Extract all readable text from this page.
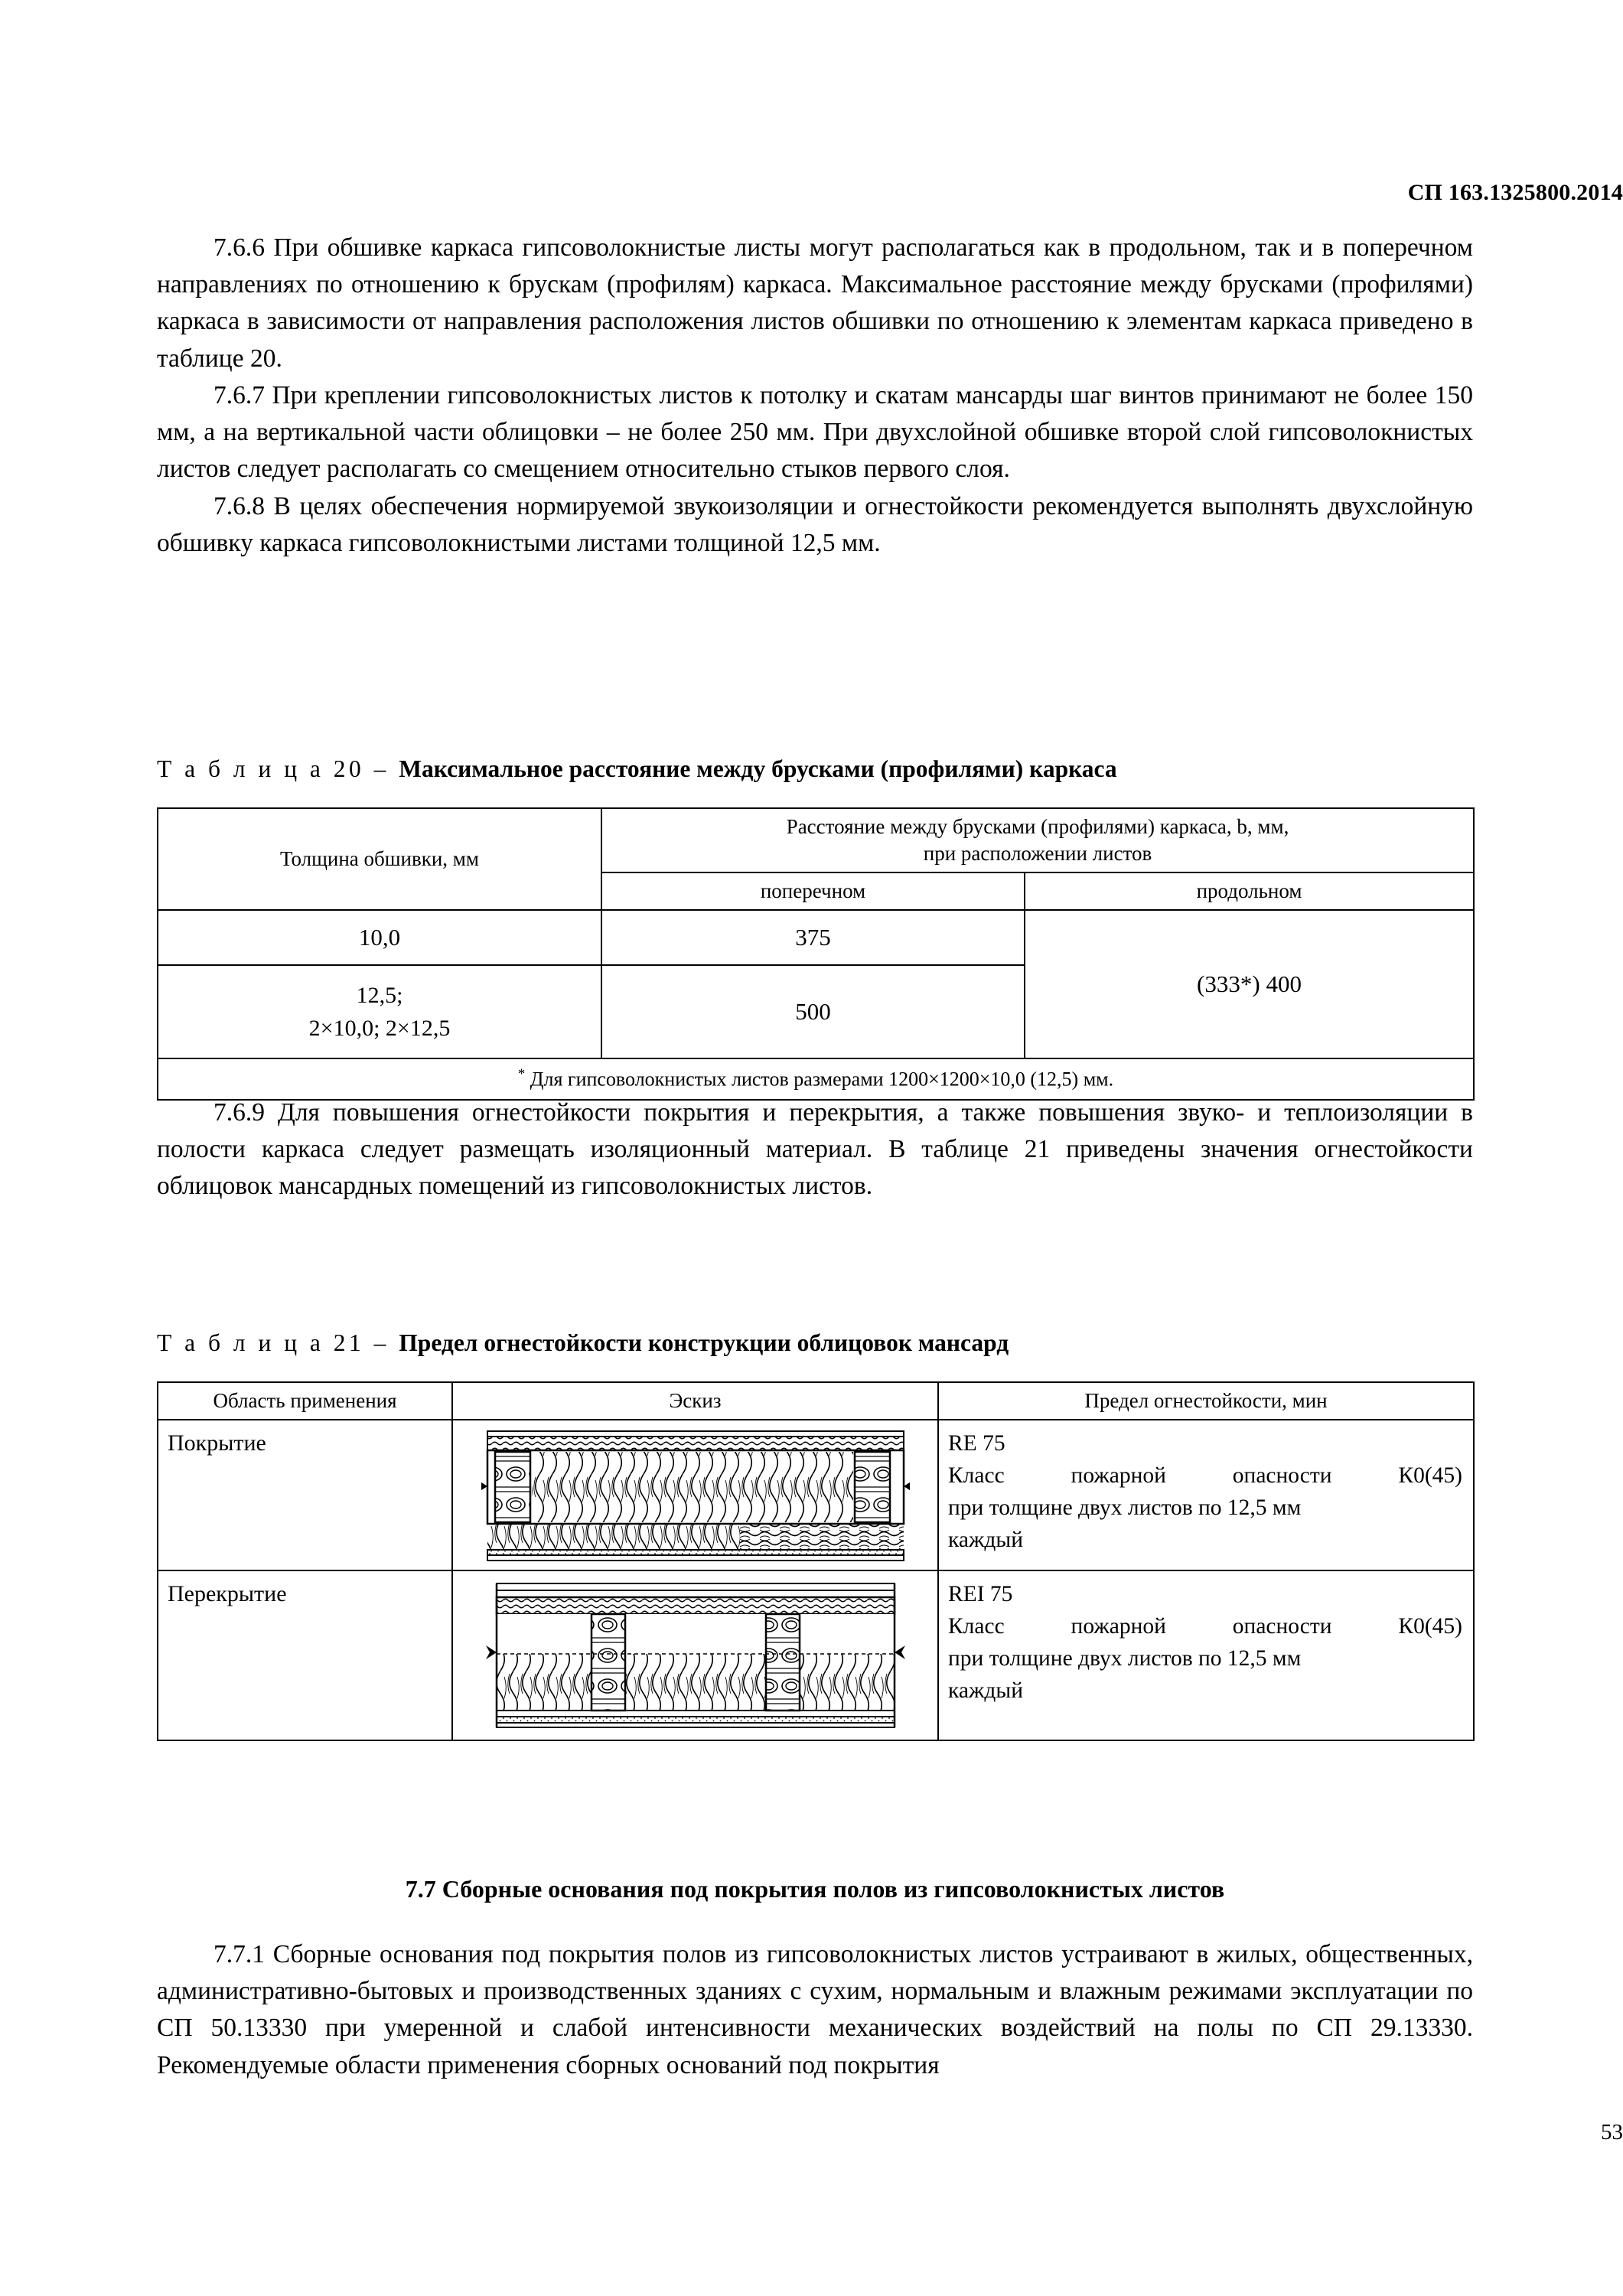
СП 163.1325800.2014

7.6.6 При обшивке каркаса гипсоволокнистые листы могут располагаться как в продольном, так и в поперечном направлениях по отношению к брускам (профилям) каркаса. Максимальное расстояние между брусками (профилями) каркаса в зависимости от направления расположения листов обшивки по отношению к элементам каркаса приведено в таблице 20.

7.6.7 При креплении гипсоволокнистых листов к потолку и скатам мансарды шаг винтов принимают не более 150 мм, а на вертикальной части облицовки – не более 250 мм. При двухслойной обшивке второй слой гипсоволокнистых листов следует располагать со смещением относительно стыков первого слоя.

7.6.8 В целях обеспечения нормируемой звукоизоляции и огнестойкости рекомендуется выполнять двухслойную обшивку каркаса гипсоволокнистыми листами толщиной 12,5 мм.

Т а б л и ц а 20 – Максимальное расстояние между брусками (профилями) каркаса
Толщина обшивки, мм	Расстояние между брусками (профилями) каркаса, b, мм,
при расположении листов	

	поперечном	продольном
10,0	375	(333*) 400

12,5;
2×10,0; 2×12,5	500	
* Для гипсоволокнистых листов размерами 1200×1200×10,0 (12,5) мм.		

7.6.9 Для повышения огнестойкости покрытия и перекрытия, а также повышения звуко- и теплоизоляции в полости каркаса следует размещать изоляционный материал. В таблице 21 приведены значения огнестойкости облицовок мансардных помещений из гипсоволокнистых листов.

Т а б л и ц а 21 – Предел огнестойкости конструкции облицовок мансард
Область применения	Эскиз	Предел огнестойкости, мин
Покрытие		RE 75
Класс пожарной опасности К0(45)
при толщине двух листов по 12,5 мм
каждый

Перекрытие		REI 75
Класс пожарной опасности К0(45)
при толщине двух листов по 12,5 мм
каждый
7.7 Сборные основания под покрытия полов из гипсоволокнистых листов

7.7.1 Сборные основания под покрытия полов из гипсоволокнистых листов устраивают в жилых, общественных, административно-бытовых и производственных зданиях с сухим, нормальным и влажным режимами эксплуатации по СП 50.13330 при умеренной и слабой интенсивности механических воздействий на полы по СП 29.13330. Рекомендуемые области применения сборных оснований под покрытия

53
